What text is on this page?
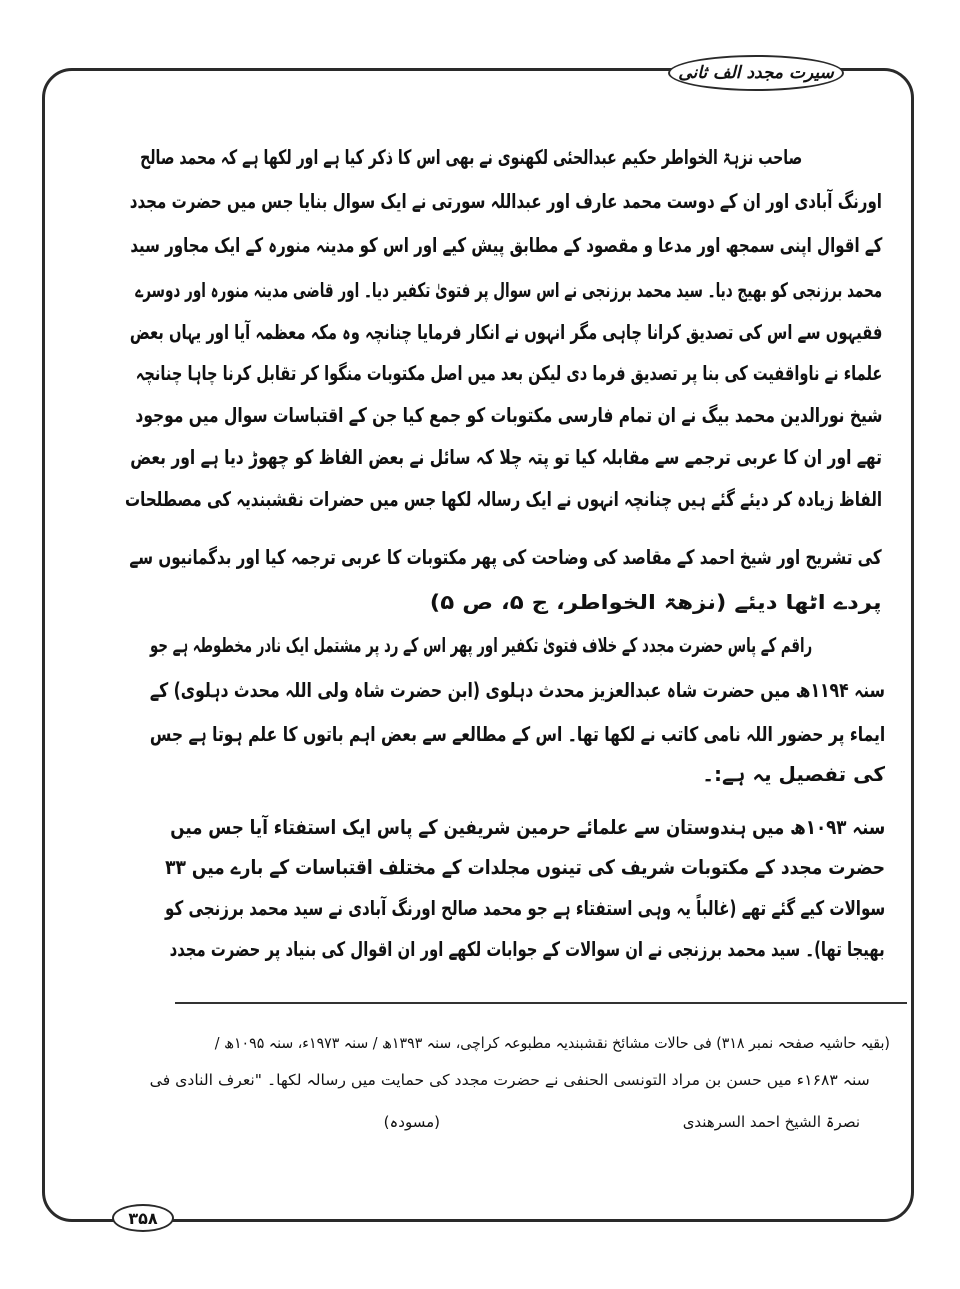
سیرت مجدد الف ثانی
صاحب نزہۃ الخواطر حکیم عبدالحئی لکھنوی نے بھی اس کا ذکر کیا ہے اور لکھا ہے کہ محمد صالح
اورنگ آبادی اور ان کے دوست محمد عارف اور عبداللہ سورتی نے ایک سوال بنایا جس میں حضرت مجدد
کے اقوال اپنی سمجھ اور مدعا و مقصود کے مطابق پیش کیے اور اس کو مدینہ منورہ کے ایک مجاور سید
محمد برزنجی کو بھیج دیا۔ سید محمد برزنجی نے اس سوال پر فتویٰ تکفیر دیا۔ اور قاضی مدینہ منورہ اور دوسرے
فقیہوں سے اس کی تصدیق کرانا چاہی مگر انہوں نے انکار فرمایا چنانچہ وہ مکہ معظمہ آیا اور یہاں بعض
علماء نے ناواقفیت کی بنا پر تصدیق فرما دی لیکن بعد میں اصل مکتوبات منگوا کر تقابل کرنا چاہا چنانچہ
شیخ نورالدین محمد بیگ نے ان تمام فارسی مکتوبات کو جمع کیا جن کے اقتباسات سوال میں موجود
تھے اور ان کا عربی ترجمے سے مقابلہ کیا تو پتہ چلا کہ سائل نے بعض الفاظ کو چھوڑ دیا ہے اور بعض
الفاظ زیادہ کر دیئے گئے ہیں چنانچہ انہوں نے ایک رسالہ لکھا جس میں حضرات نقشبندیہ کی مصطلحات
کی تشریح اور شیخ احمد کے مقاصد کی وضاحت کی پھر مکتوبات کا عربی ترجمہ کیا اور بدگمانیوں سے
پردے اٹھا دیئے (نزھۃ الخواطر، ج ۵، ص ۵)
راقم کے پاس حضرت مجدد کے خلاف فتویٰ تکفیر اور پھر اس کے رد پر مشتمل ایک نادر مخطوطہ ہے جو
سنہ ۱۱۹۴ھ میں حضرت شاہ عبدالعزیز محدث دہلوی (ابن حضرت شاہ ولی اللہ محدث دہلوی) کے
ایماء پر حضور اللہ نامی کاتب نے لکھا تھا۔ اس کے مطالعے سے بعض اہم باتوں کا علم ہوتا ہے جس
کی تفصیل یہ ہے:۔
سنہ ۱۰۹۳ھ میں ہندوستان سے علمائے حرمین شریفین کے پاس ایک استفتاء آیا جس میں
حضرت مجدد کے مکتوبات شریف کی تینوں مجلدات کے مختلف اقتباسات کے بارے میں ۳۳
سوالات کیے گئے تھے (غالباً یہ وہی استفتاء ہے جو محمد صالح اورنگ آبادی نے سید محمد برزنجی کو
بھیجا تھا)۔ سید محمد برزنجی نے ان سوالات کے جوابات لکھے اور ان اقوال کی بنیاد پر حضرت مجدد
(بقیہ حاشیہ صفحہ نمبر ۳۱۸) فی حالات مشائخ نقشبندیہ مطبوعہ کراچی، سنہ ۱۳۹۳ھ / سنہ ۱۹۷۳ء، سنہ ۱۰۹۵ھ /
سنہ ۱۶۸۳ء میں حسن بن مراد التونسی الحنفی نے حضرت مجدد کی حمایت میں رسالہ لکھا۔ "نعرف النادی فی
نصرۃ الشیخ احمد السرھندی
(مسودہ)
۳۵۸
